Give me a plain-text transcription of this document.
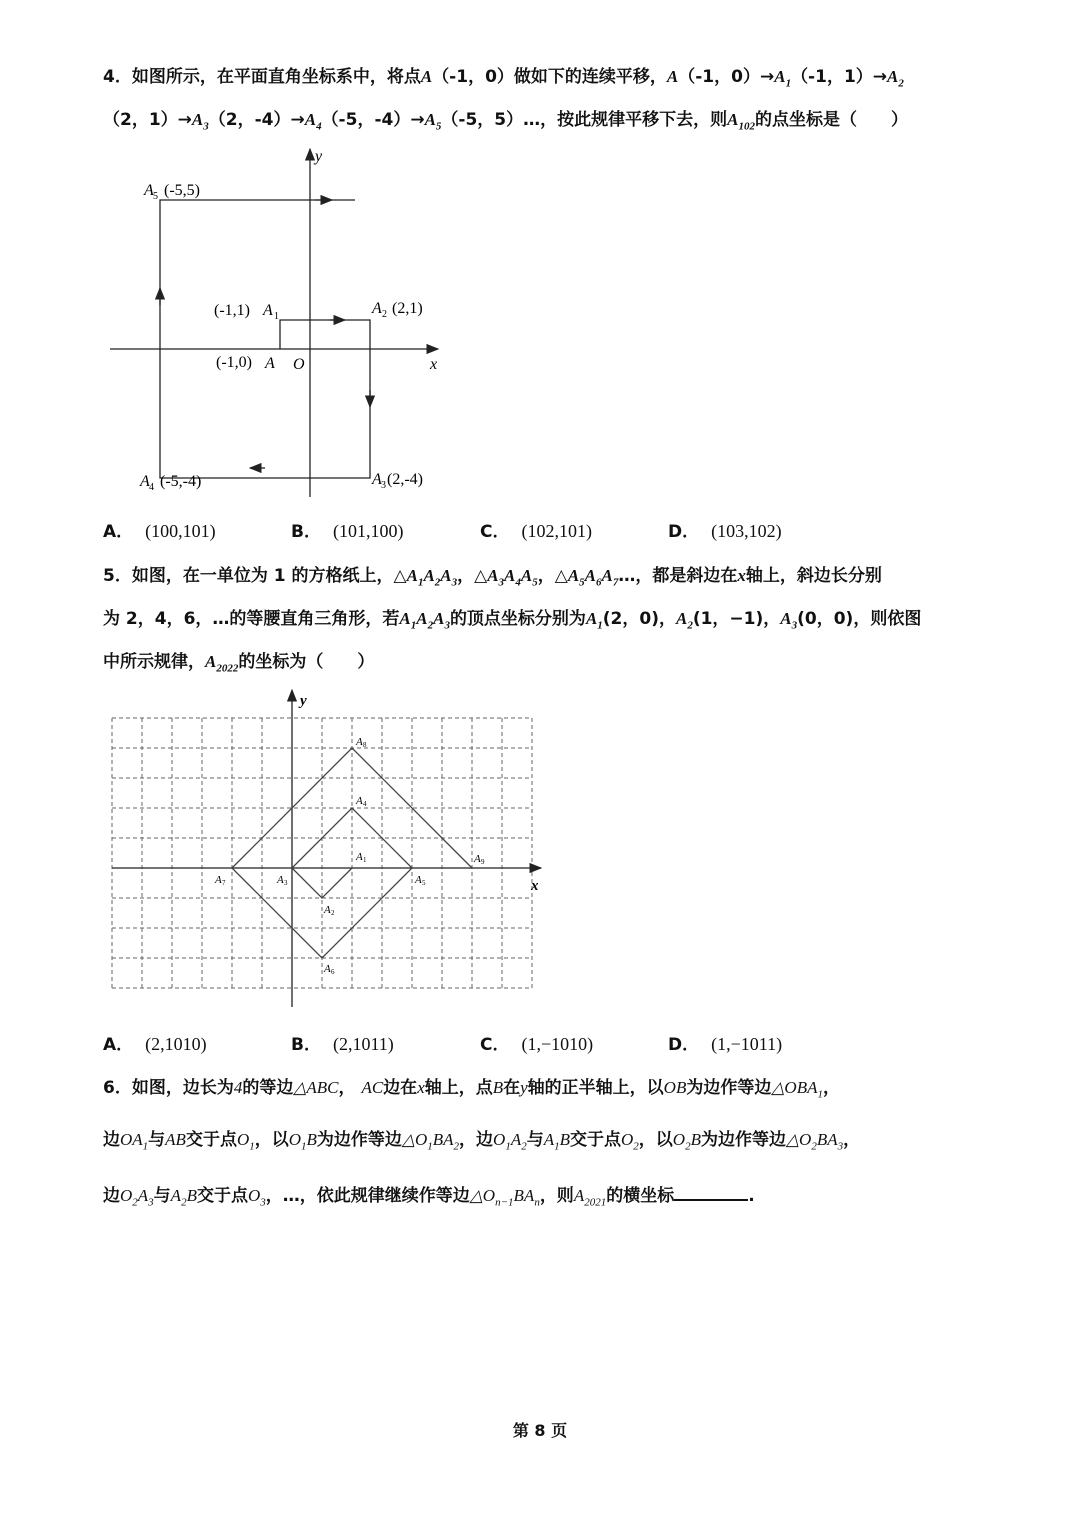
4．如图所示，在平面直角坐标系中，将点A（-1，0）做如下的连续平移，A（-1，$0)\to A_1(-1$，$1)\to A_2$
（2，$1)\to A_3(2$，$-4)\to A_4(-5$，$-4)\to A_5(-5$，5）…，按此规律平移下去，则$A_{102}$的点坐标是（　　）
A 5 (-5,5)
(-1,1) A 1	A 2 (2,1)
(-1,0) A O	x
y
A 4 (-5,-4)	A 3 (2,-4)
A． (100,101)	B． (101,100)	C． (102,101)	D． (103,102)
5．如图，在一单位为 1 的方格纸上，$\triangle A_1A_2A_3$，$\triangle A_3A_4A_5$，$\triangle A_5A_6A_7\dots$，都是斜边在x轴上，斜边长分别
为 2，4，6，…的等腰直角三角形，若$A_1A_2A_3$的顶点坐标分别为$A_1(2$，0)，$A_2(1$，−1)，$A_3(0$，0)，则依图
中所示规律，$A_{2022}$的坐标为（　　）
y
x
A 8
A 4
A 1	A 9
A 7	A 3	A 5
A 2
A 6
A． (2,1010)	B． (2,1011)	C． (1,−1010)	D． (1,−1011)
6．如图，边长为4的等边△ABC， AC边在x轴上，点B在y轴的正半轴上，以OB为边作等边$\triangle OBA_1$，
边$OA_1$与AB交于点$O_1$，以$O_1B$为边作等边$\triangle O_1BA_2$，边$O_1A_2$与$A_1B$交于点$O_2$，以$O_2B$为边作等边$\triangle O_2BA_3$，
边$O_2A_3$与$A_2B$交于点$O_3$，…，依此规律继续作等边$\triangle O_{n-1}BA_n$，则$A_{2021}$的横坐标	.
第 8 页
